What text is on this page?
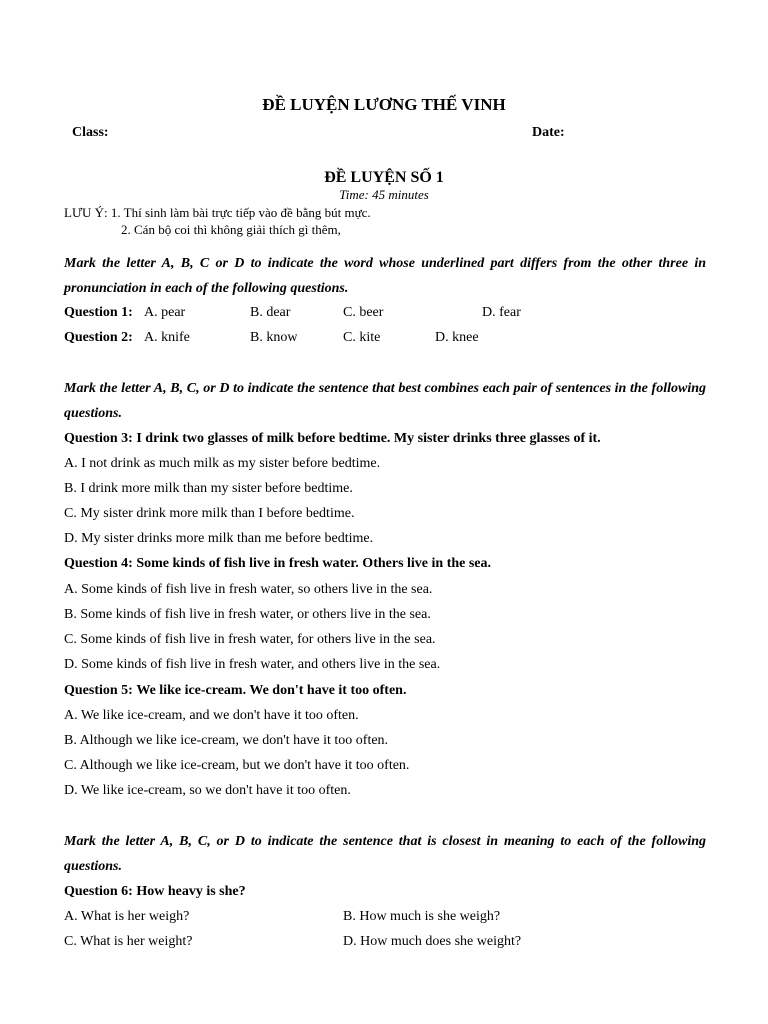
ĐỀ LUYỆN LƯƠNG THẾ VINH
Class:	Date:
ĐỀ LUYỆN SỐ 1
Time: 45 minutes
LƯU Ý: 1. Thí sinh làm bài trực tiếp vào đề bằng bút mực.
2. Cán bộ coi thì không giải thích gì thêm,
Mark the letter A, B, C or D to indicate the word whose underlined part differs from the other three in pronunciation in each of the following questions.
Question 1: A. pear	B. dear	C. beer	D. fear
Question 2: A. knife	B. know	C. kite	D. knee
Mark the letter A, B, C, or D to indicate the sentence that best combines each pair of sentences in the following questions.
Question 3: I drink two glasses of milk before bedtime. My sister drinks three glasses of it.
A. I not drink as much milk as my sister before bedtime.
B. I drink more milk than my sister before bedtime.
C. My sister drink more milk than I before bedtime.
D. My sister drinks more milk than me before bedtime.
Question 4: Some kinds of fish live in fresh water. Others live in the sea.
A. Some kinds of fish live in fresh water, so others live in the sea.
B. Some kinds of fish live in fresh water, or others live in the sea.
C. Some kinds of fish live in fresh water, for others live in the sea.
D. Some kinds of fish live in fresh water, and others live in the sea.
Question 5: We like ice-cream. We don't have it too often.
A. We like ice-cream, and we don't have it too often.
B. Although we like ice-cream, we don't have it too often.
C. Although we like ice-cream, but we don't have it too often.
D. We like ice-cream, so we don't have it too often.
Mark the letter A, B, C, or D to indicate the sentence that is closest in meaning to each of the following questions.
Question 6: How heavy is she?
A. What is her weigh?	B. How much is she weigh?
C. What is her weight?	D. How much does she weight?
